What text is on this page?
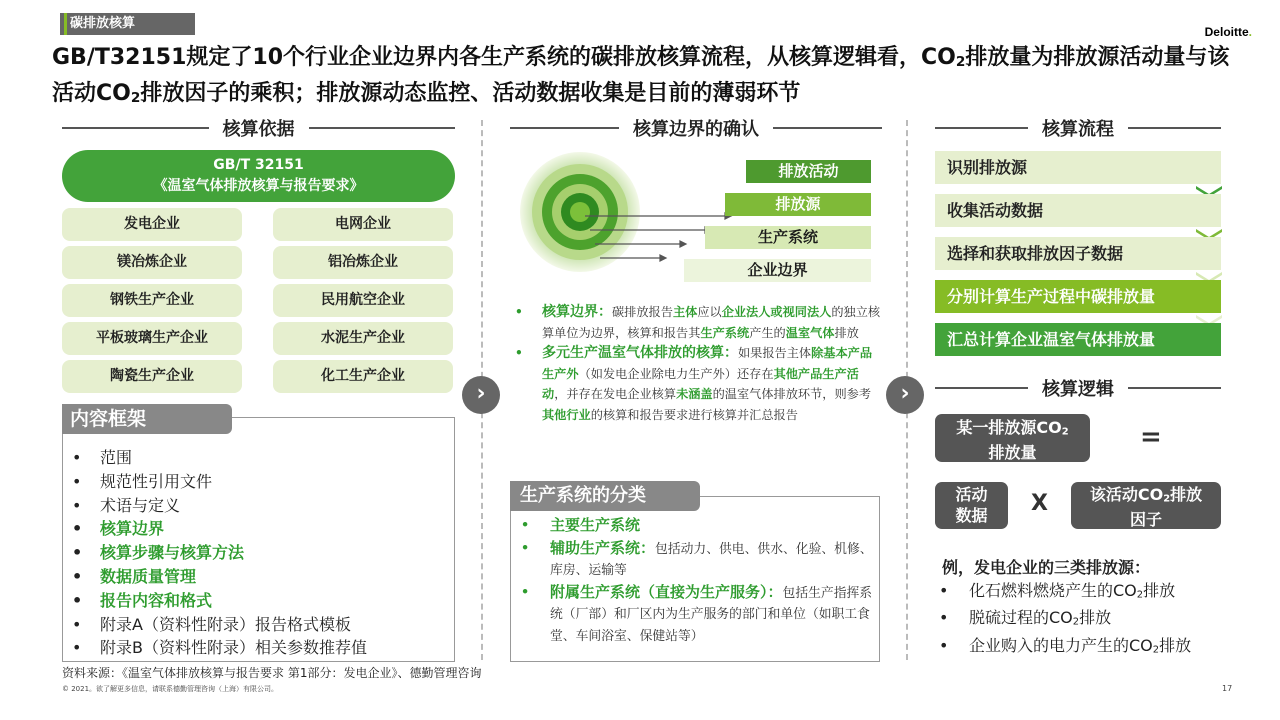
碳排放核算
Deloitte.
GB/T32151规定了10个行业企业边界内各生产系统的碳排放核算流程，从核算逻辑看，$CO_2$排放量为排放源活动量与该活动$CO_2$排放因子的乘积；排放源动态监控、活动数据收集是目前的薄弱环节
核算依据
GB/T 32151
《温室气体排放核算与报告要求》
发电企业	电网企业
镁冶炼企业	铝冶炼企业
钢铁生产企业	民用航空企业
平板玻璃生产企业	水泥生产企业
陶瓷生产企业	化工生产企业
内容框架
• 范围
• 规范性引用文件
• 术语与定义
• 核算边界
• 核算步骤与核算方法
• 数据质量管理
• 报告内容和格式
• 附录A（资料性附录）报告格式模板
• 附录B（资料性附录）相关参数推荐值
›	›
核算边界的确认
排放活动
排放源
生产系统
企业边界
• 核算边界：碳排放报告主体应以企业法人或视同法人的独立核算单位为边界，核算和报告其生产系统产生的温室气体排放
• 多元生产温室气体排放的核算：如果报告主体除基本产品生产外（如发电企业除电力生产外）还存在其他产品生产活动，并存在发电企业核算未涵盖的温室气体排放环节，则参考其他行业的核算和报告要求进行核算并汇总报告
生产系统的分类
• 主要生产系统
• 辅助生产系统：包括动力、供电、供水、化验、机修、库房、运输等
• 附属生产系统（直接为生产服务）：包括生产指挥系统（厂部）和厂区内为生产服务的部门和单位（如职工食堂、车间浴室、保健站等）
核算流程
识别排放源
收集活动数据
选择和获取排放因子数据
分别计算生产过程中碳排放量
汇总计算企业温室气体排放量
核算逻辑
某一排放源$CO_2$
排放量
=
活动
数据	X	该活动$CO_2$排放
因子
例，发电企业的三类排放源：
• 化石燃料燃烧产生的$CO_2$排放
• 脱硫过程的$CO_2$排放
• 企业购入的电力产生的$CO_2$排放
资料来源：《温室气体排放核算与报告要求 第1部分：发电企业》、德勤管理咨询
© 2021。欲了解更多信息，请联系德勤管理咨询（上海）有限公司。	17
